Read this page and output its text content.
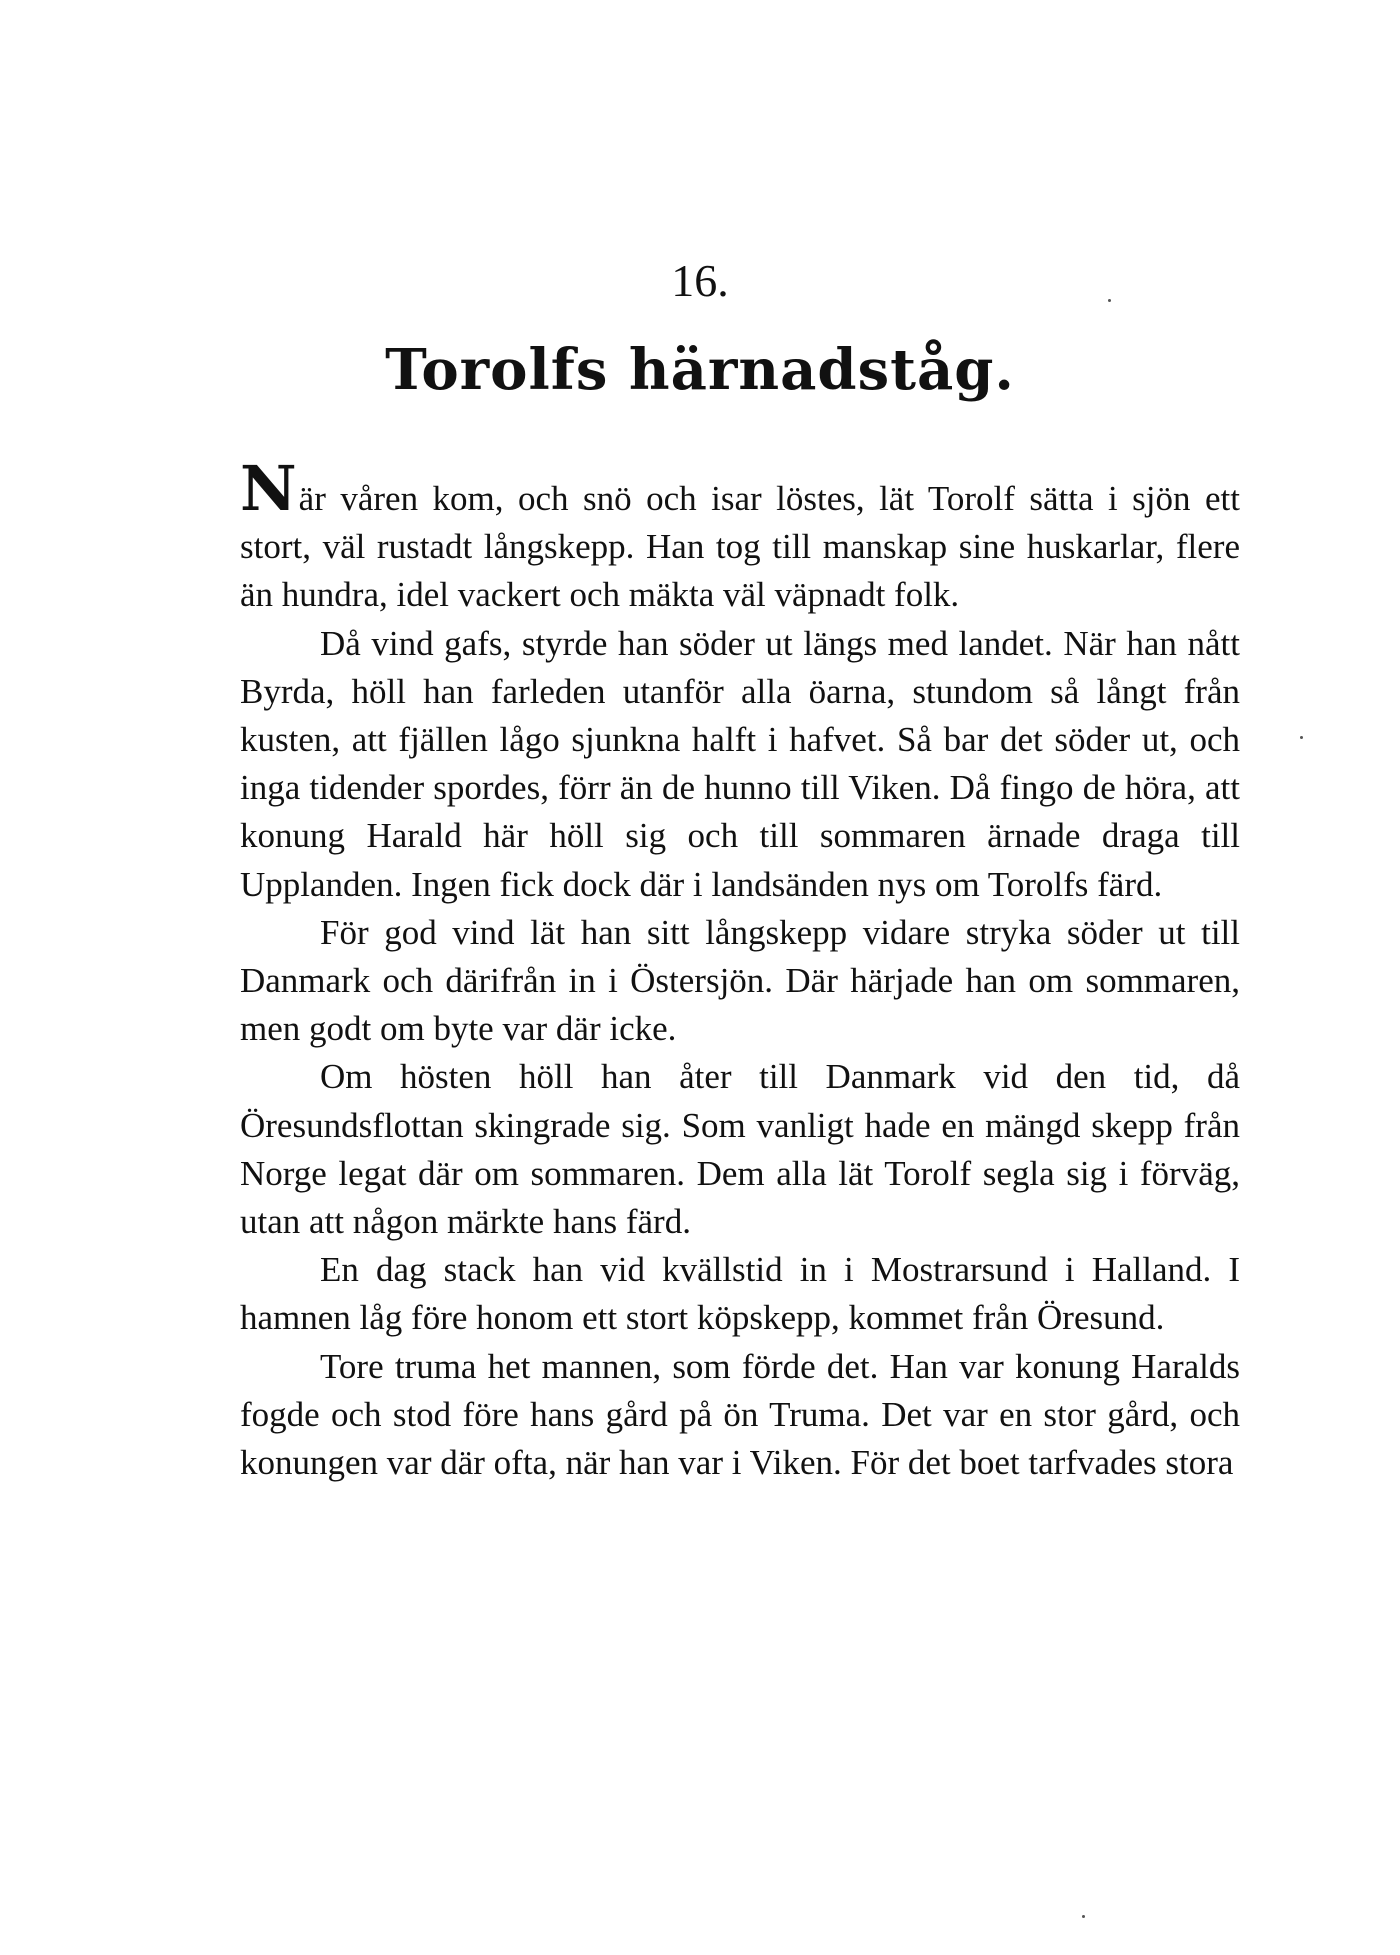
16.
Torolfs härnadståg.

När våren kom, och snö och isar löstes, lät Torolf sätta i sjön ett stort, väl rustadt långskepp. Han tog till manskap sine huskarlar, flere än hundra, idel vackert och mäkta väl väpnadt folk.

Då vind gafs, styrde han söder ut längs med landet. När han nått Byrda, höll han farleden utanför alla öarna, stundom så långt från kusten, att fjällen lågo sjunkna halft i hafvet. Så bar det söder ut, och inga tidender spordes, förr än de hunno till Viken. Då fingo de höra, att konung Harald här höll sig och till sommaren ärnade draga till Upplanden. Ingen fick dock där i landsänden nys om Torolfs färd.

För god vind lät han sitt långskepp vidare stryka söder ut till Danmark och därifrån in i Östersjön. Där härjade han om sommaren, men godt om byte var där icke.

Om hösten höll han åter till Danmark vid den tid, då Öresundsflottan skingrade sig. Som vanligt hade en mängd skepp från Norge legat där om sommaren. Dem alla lät Torolf segla sig i förväg, utan att någon märkte hans färd.

En dag stack han vid kvällstid in i Mostrarsund i Halland. I hamnen låg före honom ett stort köpskepp, kommet från Öresund.

Tore truma het mannen, som förde det. Han var konung Haralds fogde och stod före hans gård på ön Truma. Det var en stor gård, och konungen var där ofta, när han var i Viken. För det boet tarfvades stora
